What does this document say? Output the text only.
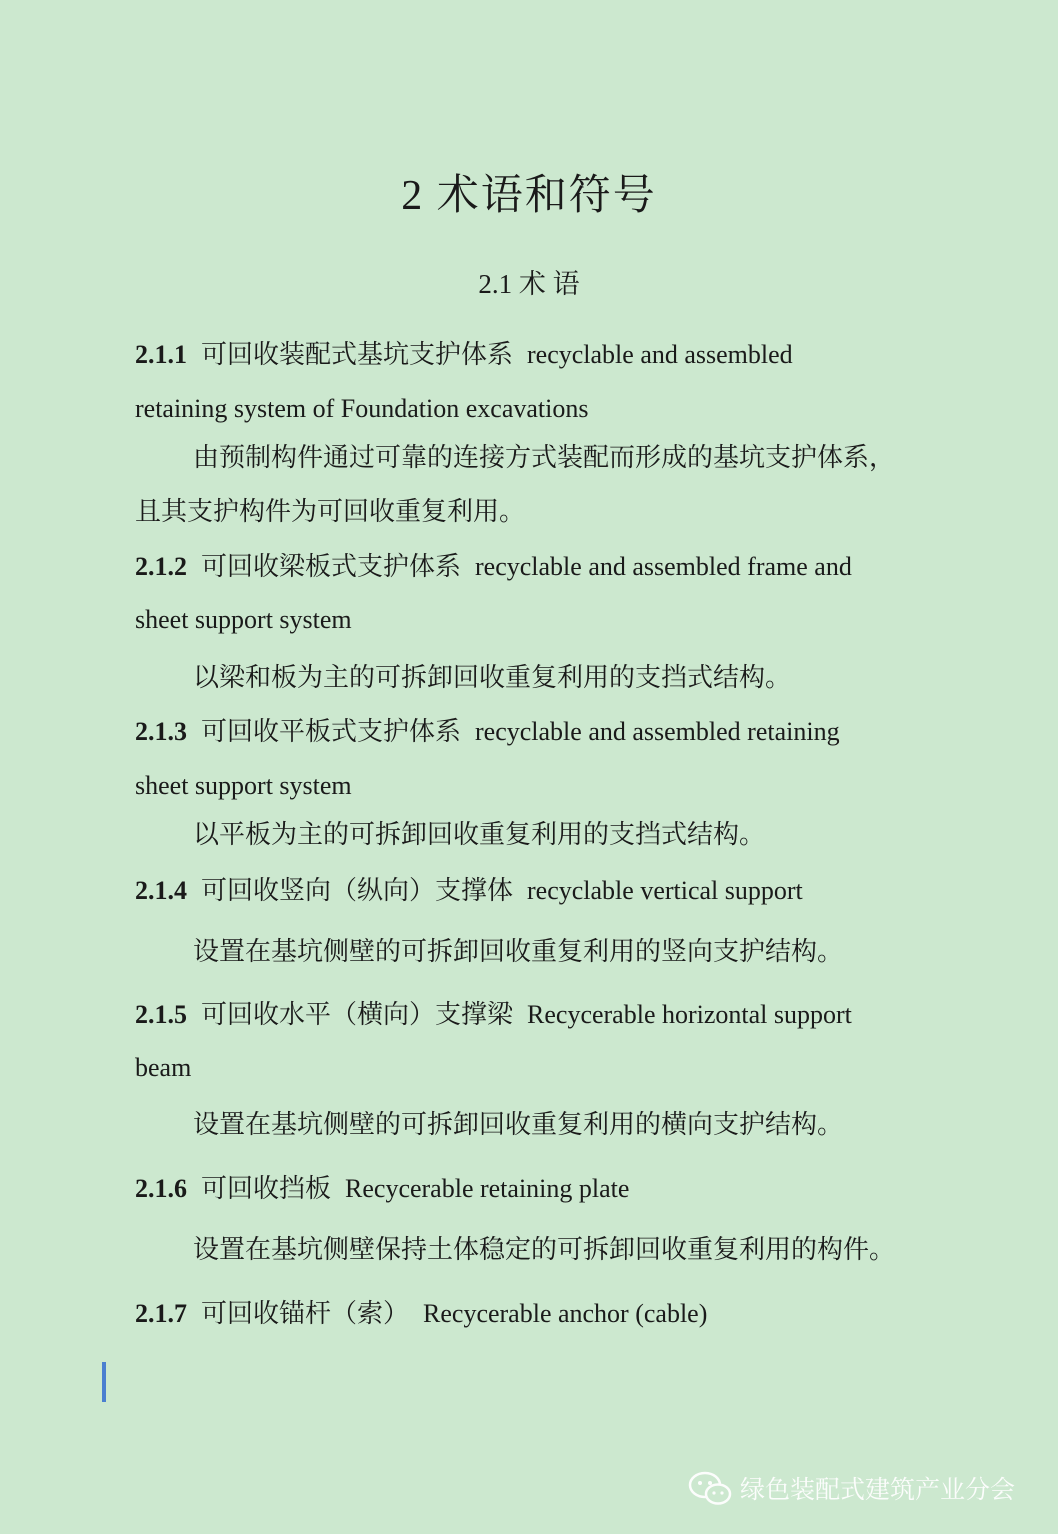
2 术语和符号
2.1 术 语
2.1.1 可回收装配式基坑支护体系 recyclable and assembled
retaining system of Foundation excavations
由预制构件通过可靠的连接方式装配而形成的基坑支护体系，
且其支护构件为可回收重复利用。
2.1.2 可回收梁板式支护体系 recyclable and assembled frame and
sheet support system
以梁和板为主的可拆卸回收重复利用的支挡式结构。
2.1.3 可回收平板式支护体系 recyclable and assembled retaining
sheet support system
以平板为主的可拆卸回收重复利用的支挡式结构。
2.1.4 可回收竖向（纵向）支撑体 recyclable vertical support
设置在基坑侧壁的可拆卸回收重复利用的竖向支护结构。
2.1.5 可回收水平（横向）支撑梁 Recycerable horizontal support
beam
设置在基坑侧壁的可拆卸回收重复利用的横向支护结构。
2.1.6 可回收挡板 Recycerable retaining plate
设置在基坑侧壁保持土体稳定的可拆卸回收重复利用的构件。
2.1.7 可回收锚杆（索） Recycerable anchor (cable)
绿色装配式建筑产业分会
